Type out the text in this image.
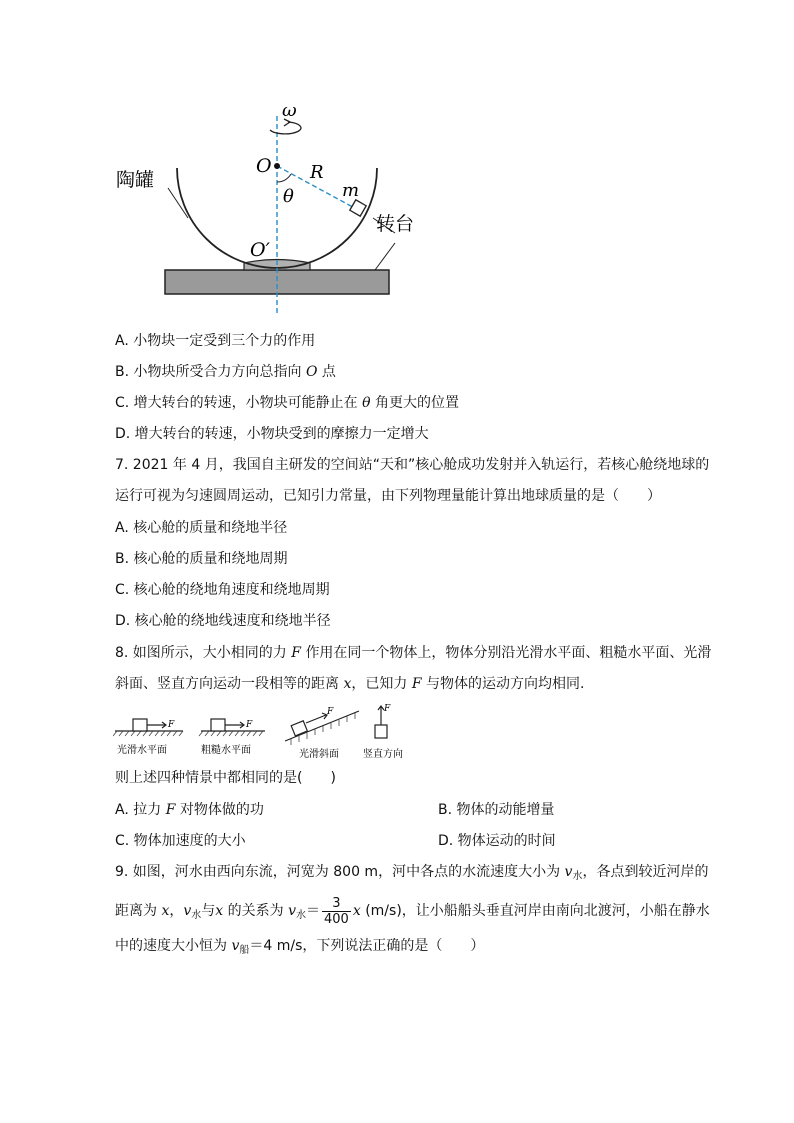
ω
O R
m
θ
O′
陶罐
转台
A. 小物块一定受到三个力的作用
B. 小物块所受合力方向总指向 O 点
C. 增大转台的转速，小物块可能静止在 θ 角更大的位置
D. 增大转台的转速，小物块受到的摩擦力一定增大
7. 2021 年 4 月，我国自主研发的空间站“天和”核心舱成功发射并入轨运行，若核心舱绕地球的
运行可视为匀速圆周运动，已知引力常量，由下列物理量能计算出地球质量的是（　　）
A. 核心舱的质量和绕地半径
B. 核心舱的质量和绕地周期
C. 核心舱的绕地角速度和绕地周期
D. 核心舱的绕地线速度和绕地半径
8. 如图所示，大小相同的力 F 作用在同一个物体上，物体分别沿光滑水平面、粗糙水平面、光滑
斜面、竖直方向运动一段相等的距离 x，已知力 F 与物体的运动方向均相同.
F
光滑水平面
F
粗糙水平面
F
光滑斜面
F
竖直方向
则上述四种情景中都相同的是(　　)
A. 拉力 F 对物体做的功	B. 物体的动能增量
C. 物体加速度的大小	D. 物体运动的时间
9. 如图，河水由西向东流，河宽为 800 m，河中各点的水流速度大小为 $v_水$，各点到较近河岸的
距离为 x，$v_水$与x 的关系为 $v_水= \frac{3}{400}$ x (m/s)，让小船船头垂直河岸由南向北渡河，小船在静水
中的速度大小恒为 $v_船=4$ m/s，下列说法正确的是（　　）
